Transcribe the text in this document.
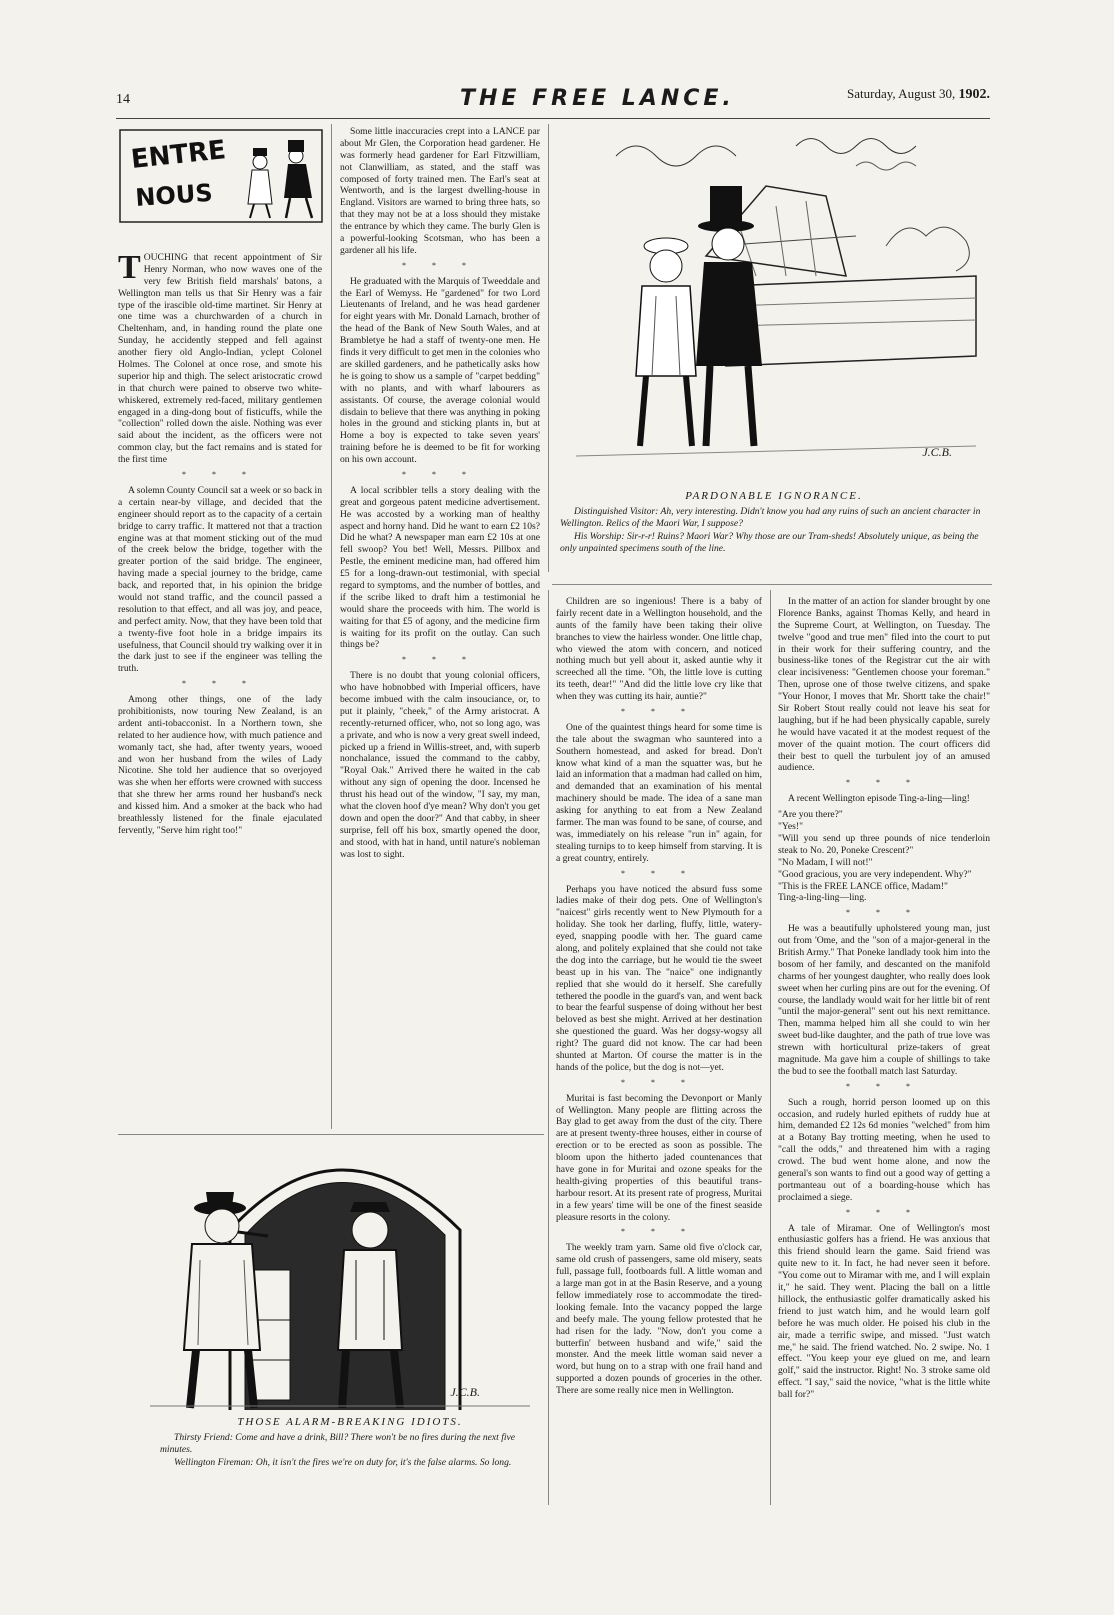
14	THE FREE LANCE.	Saturday, August 30, 1902.
ENTRE
NOUS

TOUCHING that recent appointment of Sir Henry Norman, who now waves one of the very few British field marshals' batons, a Wellington man tells us that Sir Henry was a fair type of the irascible old-time martinet. Sir Henry at one time was a churchwarden of a church in Cheltenham, and, in handing round the plate one Sunday, he accidently stepped and fell against another fiery old Anglo-Indian, yclept Colonel Holmes. The Colonel at once rose, and smote his superior hip and thigh. The select aristocratic crowd in that church were pained to observe two white-whiskered, extremely red-faced, military gentlemen engaged in a ding-dong bout of fisticuffs, while the "collection" rolled down the aisle. Nothing was ever said about the incident, as the officers were not common clay, but the fact remains and is stated for the first time

* * *

A solemn County Council sat a week or so back in a certain near-by village, and decided that the engineer should report as to the capacity of a certain bridge to carry traffic. It mattered not that a traction engine was at that moment sticking out of the mud of the creek below the bridge, together with the greater portion of the said bridge. The engineer, having made a special journey to the bridge, came back, and reported that, in his opinion the bridge would not stand traffic, and the council passed a resolution to that effect, and all was joy, and peace, and perfect amity. Now, that they have been told that a twenty-five foot hole in a bridge impairs its usefulness, that Council should try walking over it in the dark just to see if the engineer was telling the truth.

* * *

Among other things, one of the lady prohibitionists, now touring New Zealand, is an ardent anti-tobacconist. In a Northern town, she related to her audience how, with much patience and womanly tact, she had, after twenty years, wooed and won her husband from the wiles of Lady Nicotine. She told her audience that so overjoyed was she when her efforts were crowned with success that she threw her arms round her husband's neck and kissed him. And a smoker at the back who had breathlessly listened for the finale ejaculated fervently, "Serve him right too!"

Some little inaccuracies crept into a LANCE par about Mr Glen, the Corporation head gardener. He was formerly head gardener for Earl Fitzwilliam, not Clanwilliam, as stated, and the staff was composed of forty trained men. The Earl's seat at Wentworth, and is the largest dwelling-house in England. Visitors are warned to bring three hats, so that they may not be at a loss should they mistake the entrance by which they came. The burly Glen is a powerful-looking Scotsman, who has been a gardener all his life.

* * *

He graduated with the Marquis of Tweeddale and the Earl of Wemyss. He "gardened" for two Lord Lieutenants of Ireland, and he was head gardener for eight years with Mr. Donald Larnach, brother of the head of the Bank of New South Wales, and at Brambletye he had a staff of twenty-one men. He finds it very difficult to get men in the colonies who are skilled gardeners, and he pathetically asks how he is going to show us a sample of "carpet bedding" with no plants, and with wharf labourers as assistants. Of course, the average colonial would disdain to believe that there was anything in poking holes in the ground and sticking plants in, but at Home a boy is expected to take seven years' training before he is deemed to be fit for working on his own account.

* * *

A local scribbler tells a story dealing with the great and gorgeous patent medicine advertisement. He was accosted by a working man of healthy aspect and horny hand. Did he want to earn £2 10s? Did he what? A newspaper man earn £2 10s at one fell swoop? You bet! Well, Messrs. Pillbox and Pestle, the eminent medicine man, had offered him £5 for a long-drawn-out testimonial, with special regard to symptoms, and the number of bottles, and if the scribe liked to draft him a testimonial he would share the proceeds with him. The world is waiting for that £5 of agony, and the medicine firm is waiting for its profit on the outlay. Can such things be?

* * *

There is no doubt that young colonial officers, who have hobnobbed with Imperial officers, have become imbued with the calm insouciance, or, to put it plainly, "cheek," of the Army aristocrat. A recently-returned officer, who, not so long ago, was a private, and who is now a very great swell indeed, picked up a friend in Willis-street, and, with superb nonchalance, issued the command to the cabby, "Royal Oak." Arrived there he waited in the cab without any sign of opening the door. Incensed he thrust his head out of the window, "I say, my man, what the cloven hoof d'ye mean? Why don't you get down and open the door?" And that cabby, in sheer surprise, fell off his box, smartly opened the door, and stood, with hat in hand, until nature's nobleman was lost to sight.

J.C.B.
PARDONABLE IGNORANCE.
Distinguished Visitor: Ah, very interesting. Didn't know you had any ruins of such an ancient character in Wellington. Relics of the Maori War, I suppose?
His Worship: Sir-r-r! Ruins? Maori War? Why those are our Tram-sheds! Absolutely unique, as being the only unpainted specimens south of the line.
J.C.B.
THOSE ALARM-BREAKING IDIOTS.
Thirsty Friend: Come and have a drink, Bill? There won't be no fires during the next five minutes.
Wellington Fireman: Oh, it isn't the fires we're on duty for, it's the false alarms. So long.

Children are so ingenious! There is a baby of fairly recent date in a Wellington household, and the aunts of the family have been taking their olive branches to view the hairless wonder. One little chap, who viewed the atom with concern, and noticed nothing much but yell about it, asked auntie why it screeched all the time. "Oh, the little love is cutting its teeth, dear!" "And did the little love cry like that when they was cutting its hair, auntie?"

* * *

One of the quaintest things heard for some time is the tale about the swagman who sauntered into a Southern homestead, and asked for bread. Don't know what kind of a man the squatter was, but he laid an information that a madman had called on him, and demanded that an examination of his mental machinery should be made. The idea of a sane man asking for anything to eat from a New Zealand farmer. The man was found to be sane, of course, and was, immediately on his release "run in" again, for stealing turnips to to keep himself from starving. It is a great country, entirely.

* * *

Perhaps you have noticed the absurd fuss some ladies make of their dog pets. One of Wellington's "naicest" girls recently went to New Plymouth for a holiday. She took her darling, fluffy, little, watery-eyed, snapping poodle with her. The guard came along, and politely explained that she could not take the dog into the carriage, but he would tie the sweet beast up in his van. The "naice" one indignantly replied that she would do it herself. She carefully tethered the poodle in the guard's van, and went back to bear the fearful suspense of doing without her best beloved as best she might. Arrived at her destination she questioned the guard. Was her dogsy-wogsy all right? The guard did not know. The car had been shunted at Marton. Of course the matter is in the hands of the police, but the dog is not—yet.

* * *

Muritai is fast becoming the Devonport or Manly of Wellington. Many people are flitting across the Bay glad to get away from the dust of the city. There are at present twenty-three houses, either in course of erection or to be erected as soon as possible. The bloom upon the hitherto jaded countenances that have gone in for Muritai and ozone speaks for the health-giving properties of this beautiful trans-harbour resort. At its present rate of progress, Muritai in a few years' time will be one of the finest seaside pleasure resorts in the colony.

* * *

The weekly tram yarn. Same old five o'clock car, same old crush of passengers, same old misery, seats full, passage full, footboards full. A little woman and a large man got in at the Basin Reserve, and a young fellow immediately rose to accommodate the tired-looking female. Into the vacancy popped the large and beefy male. The young fellow protested that he had risen for the lady. "Now, don't you come a butterfin' between husband and wife," said the monster. And the meek little woman said never a word, but hung on to a strap with one frail hand and supported a dozen pounds of groceries in the other. There are some really nice men in Wellington.

In the matter of an action for slander brought by one Florence Banks, against Thomas Kelly, and heard in the Supreme Court, at Wellington, on Tuesday. The twelve "good and true men" filed into the court to put in their work for their suffering country, and the business-like tones of the Registrar cut the air with clear incisiveness: "Gentlemen choose your foreman." Then, uprose one of those twelve citizens, and spake "Your Honor, I moves that Mr. Shortt take the chair!" Sir Robert Stout really could not leave his seat for laughing, but if he had been physically capable, surely he would have vacated it at the modest request of the mover of the quaint motion. The court officers did their best to quell the turbulent joy of an amused audience.

* * *

A recent Wellington episode Ting-a-ling—ling!

"Are you there?"

"Yes!"

"Will you send up three pounds of nice tenderloin steak to No. 20, Poneke Crescent?"

"No Madam, I will not!"

"Good gracious, you are very independent. Why?"

"This is the FREE LANCE office, Madam!"

Ting-a-ling-ling—ling.

* * *

He was a beautifully upholstered young man, just out from 'Ome, and the "son of a major-general in the British Army." That Poneke landlady took him into the bosom of her family, and descanted on the manifold charms of her youngest daughter, who really does look sweet when her curling pins are out for the evening. Of course, the landlady would wait for her little bit of rent "until the major-general" sent out his next remittance. Then, mamma helped him all she could to win her sweet bud-like daughter, and the path of true love was strewn with horticultural prize-takers of great magnitude. Ma gave him a couple of shillings to take the bud to see the football match last Saturday.

* * *

Such a rough, horrid person loomed up on this occasion, and rudely hurled epithets of ruddy hue at him, demanded £2 12s 6d monies "welched" from him at a Botany Bay trotting meeting, when he used to "call the odds," and threatened him with a raging crowd. The bud went home alone, and now the general's son wants to find out a good way of getting a portmanteau out of a boarding-house which has proclaimed a siege.

* * *

A tale of Miramar. One of Wellington's most enthusiastic golfers has a friend. He was anxious that this friend should learn the game. Said friend was quite new to it. In fact, he had never seen it before. "You come out to Miramar with me, and I will explain it," he said. They went. Placing the ball on a little hillock, the enthusiastic golfer dramatically asked his friend to just watch him, and he would learn golf before he was much older. He poised his club in the air, made a terrific swipe, and missed. "Just watch me," he said. The friend watched. No. 2 swipe. No. 1 effect. "You keep your eye glued on me, and learn golf," said the instructor. Right! No. 3 stroke same old effect. "I say," said the novice, "what is the little white ball for?"
